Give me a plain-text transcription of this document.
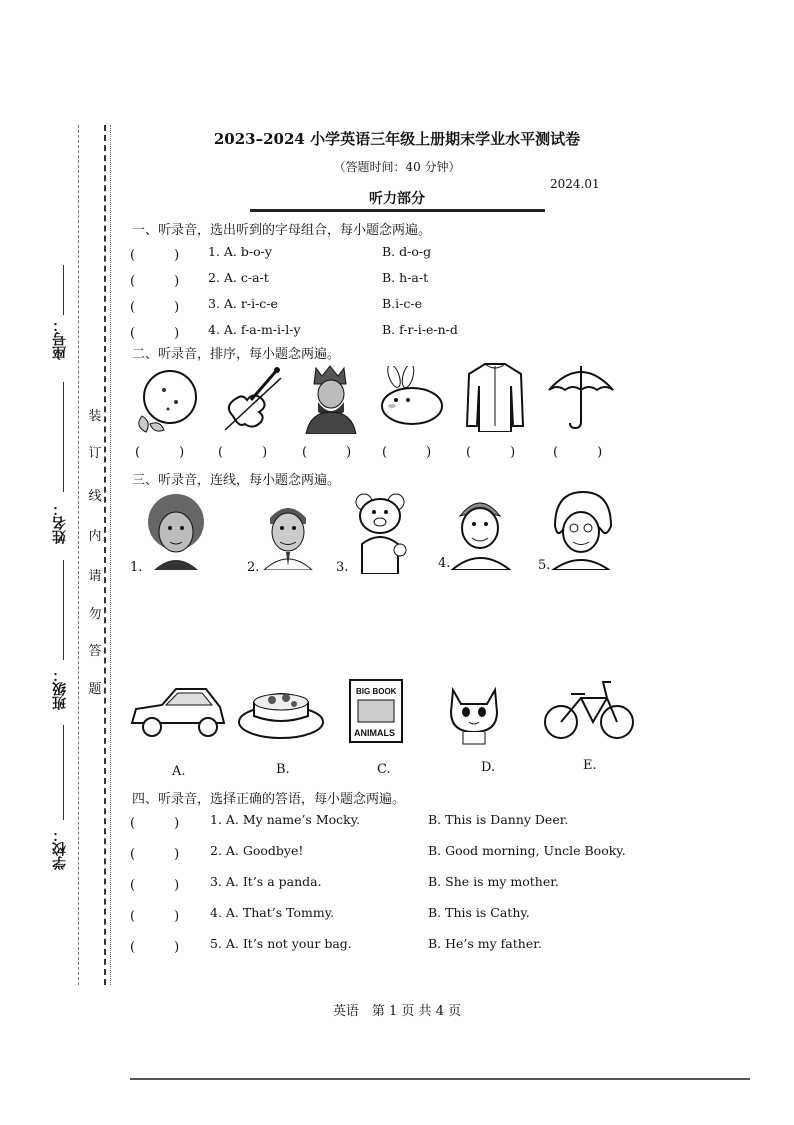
座号：
姓名：
班级：
学校：
装
订
线
内
请
勿
答
题
2023–2024 小学英语三年级上册期末学业水平测试卷
（答题时间：40 分钟）
2024.01
听力部分
一、听录音，选出听到的字母组合，每小题念两遍。
(　　　) 1. A. b-o-y	B. d-o-g
(　　　) 2. A. c-a-t	B. h-a-t
(　　　) 3. A. r-i-c-e	B.i-c-e
(　　　) 4. A. f-a-m-i-l-y	B. f-r-i-e-n-d
二、听录音，排序，每小题念两遍。
(　　　)	(　　　)	(　　　) (　　　)	(　　　)	(　　　)
三、听录音，连线，每小题念两遍。
1.	2.	3.	4.	5.
BIG BOOK
ANIMALS
A.	B.	C.	D.	E.
四、听录音，选择正确的答语，每小题念两遍。
(　　　) 1. A. My name’s Mocky.	B. This is Danny Deer.
(　　　) 2. A. Goodbye!	B. Good morning, Uncle Booky.
(　　　) 3. A. It’s a panda.	B. She is my mother.
(　　　) 4. A. That’s Tommy.	B. This is Cathy.
(　　　) 5. A. It’s not your bag.	B. He’s my father.
英语　第 1 页 共 4 页
